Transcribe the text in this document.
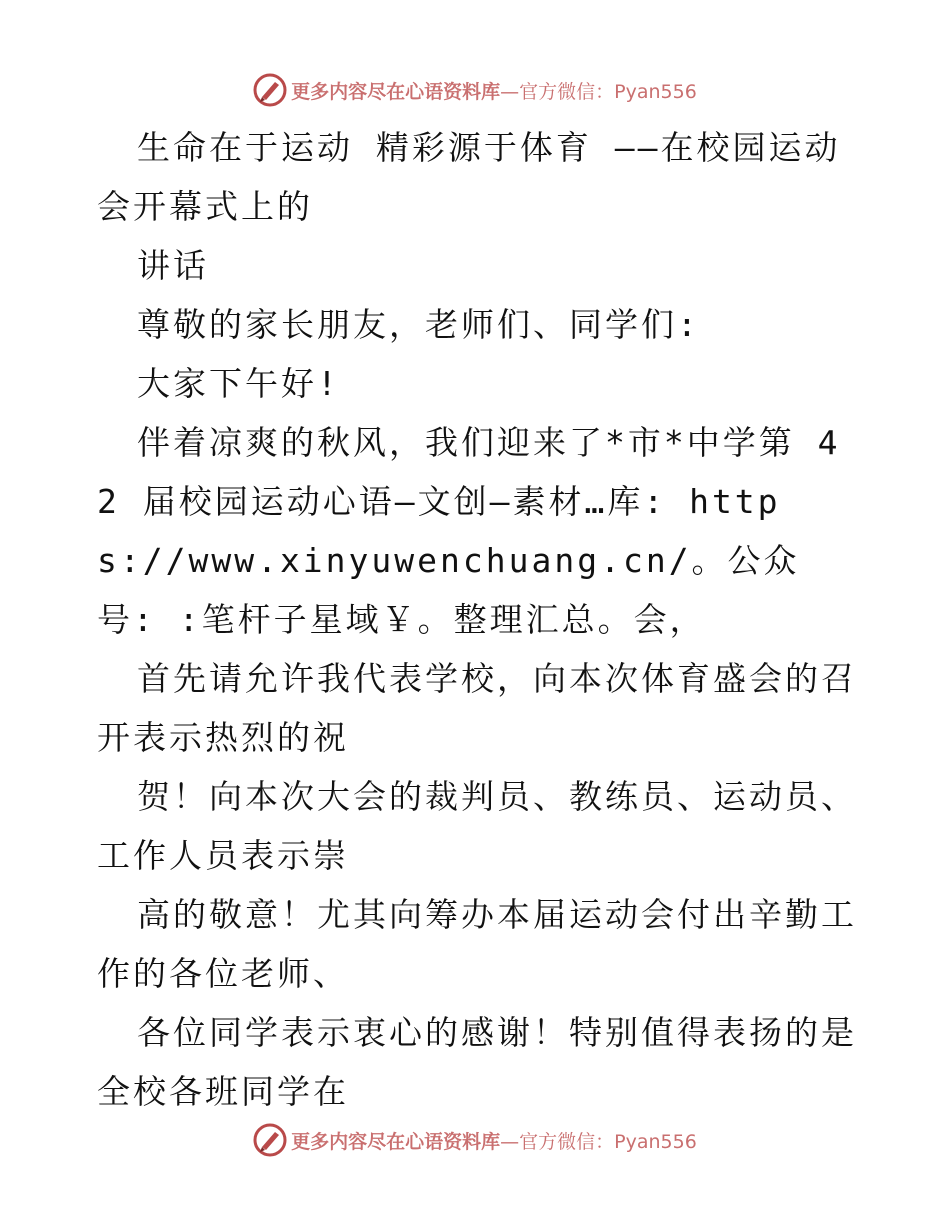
更多内容尽在心语资料库 —官方微信：Pyan556

生命在于运动 精彩源于体育 ——在校园运动会开幕式上的

讲话

尊敬的家长朋友，老师们、同学们:

大家下午好!

伴着凉爽的秋风，我们迎来了*市*中学第 42 届校园运动心语—文创—素材…库: https://www.xinyuwenchuang.cn/。公众号: :笔杆子星域￥。整理汇总。会，

首先请允许我代表学校，向本次体育盛会的召开表示热烈的祝

贺！向本次大会的裁判员、教练员、运动员、工作人员表示崇

高的敬意！尤其向筹办本届运动会付出辛勤工作的各位老师、

各位同学表示衷心的感谢！特别值得表扬的是全校各班同学在

更多内容尽在心语资料库 —官方微信：Pyan556
